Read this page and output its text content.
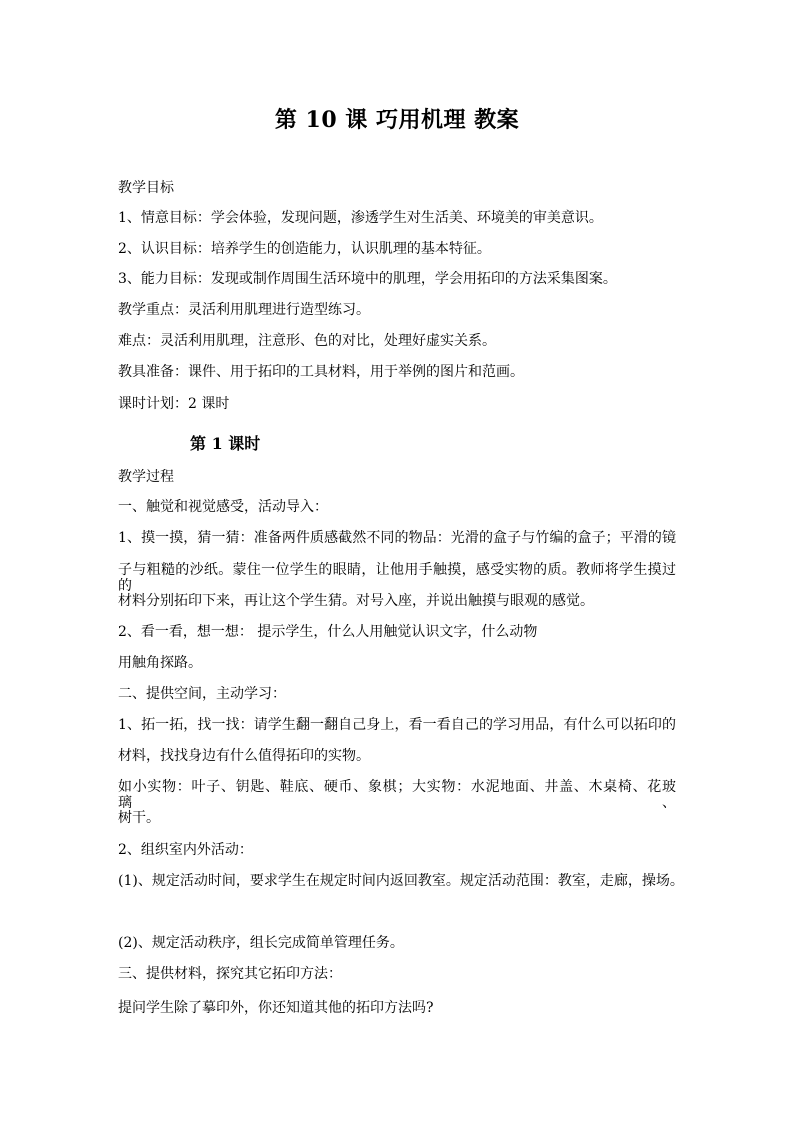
第 10 课 巧用机理 教案
教学目标
1、情意目标：学会体验，发现问题，渗透学生对生活美、环境美的审美意识。
2、认识目标：培养学生的创造能力，认识肌理的基本特征。
3、能力目标：发现或制作周围生活环境中的肌理，学会用拓印的方法采集图案。
教学重点：灵活利用肌理进行造型练习。
难点：灵活利用肌理，注意形、色的对比，处理好虚实关系。
教具准备：课件、用于拓印的工具材料，用于举例的图片和范画。
课时计划：2 课时
第 1 课时
教学过程
一、触觉和视觉感受，活动导入：
1、摸一摸，猜一猜：准备两件质感截然不同的物品：光滑的盒子与竹编的盒子；平滑的镜
子与粗糙的沙纸。蒙住一位学生的眼睛，让他用手触摸，感受实物的质。教师将学生摸过的
材料分别拓印下来，再让这个学生猜。对号入座，并说出触摸与眼观的感觉。
2、看一看，想一想： 提示学生，什么人用触觉认识文字，什么动物
用触角探路。
二、提供空间，主动学习：
1、拓一拓，找一找：请学生翻一翻自己身上，看一看自己的学习用品，有什么可以拓印的
材料，找找身边有什么值得拓印的实物。
如小实物：叶子、钥匙、鞋底、硬币、象棋；大实物：水泥地面、井盖、木桌椅、花玻璃、
树干。
2、组织室内外活动：
(1)、规定活动时间，要求学生在规定时间内返回教室。规定活动范围：教室，走廊，操场。
(2)、规定活动秩序，组长完成简单管理任务。
三、提供材料，探究其它拓印方法：
提问学生除了摹印外，你还知道其他的拓印方法吗?
